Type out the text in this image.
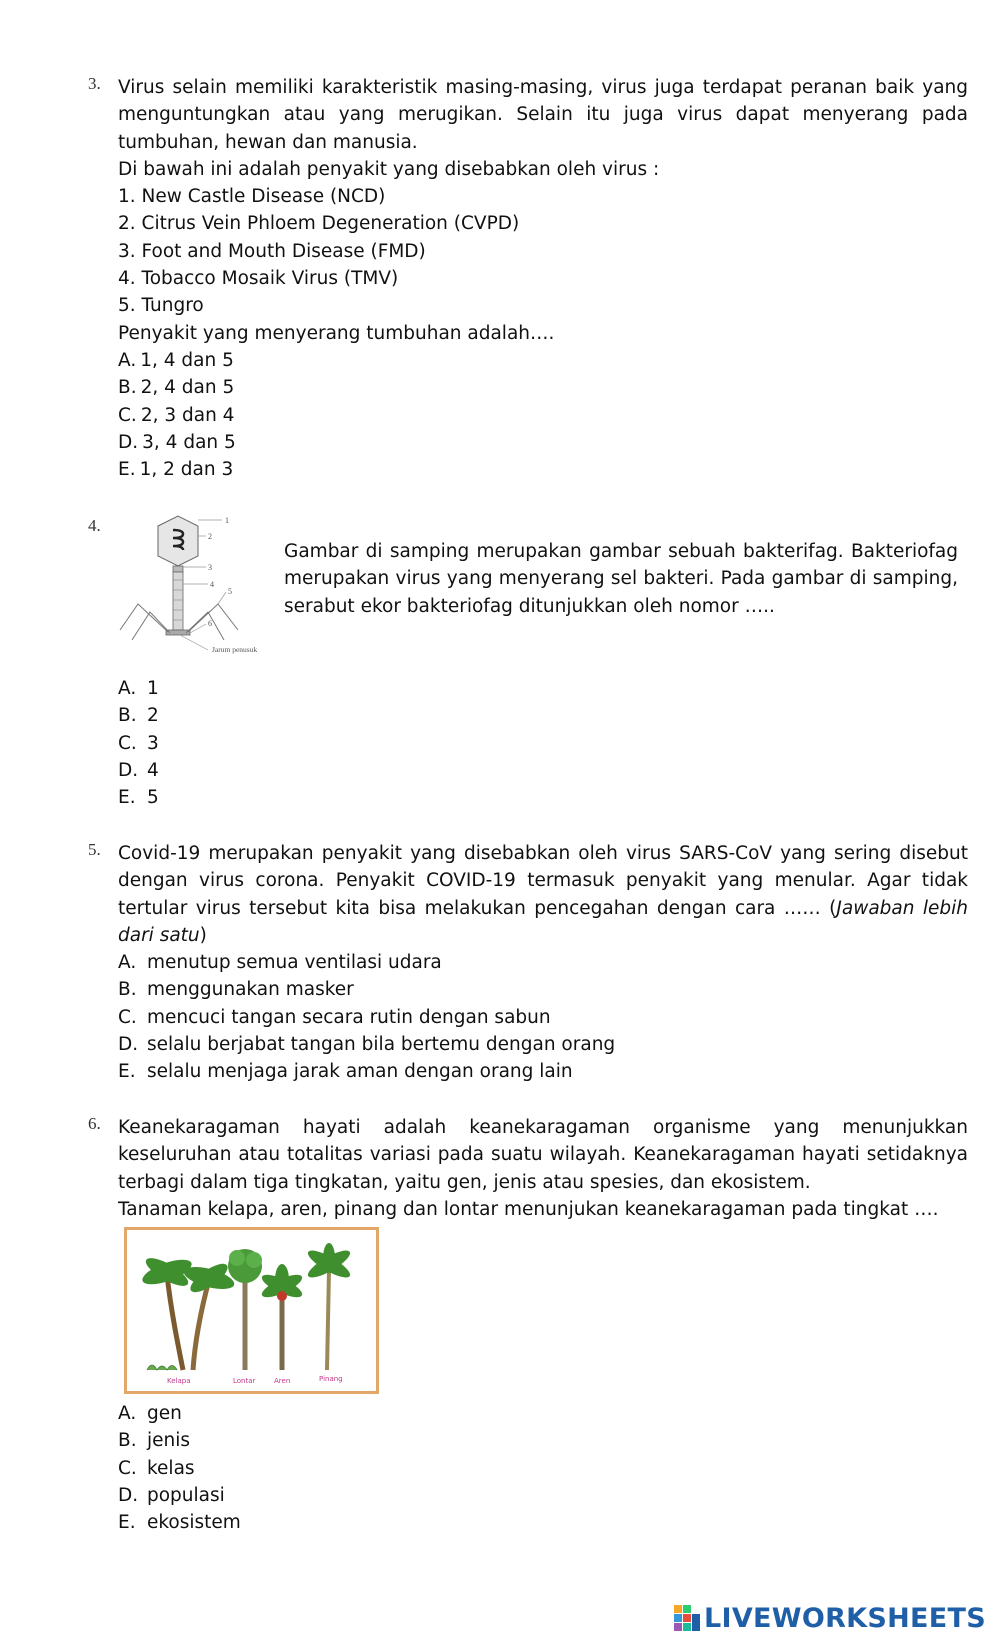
3. Virus selain memiliki karakteristik masing-masing, virus juga terdapat peranan baik yang menguntungkan atau yang merugikan. Selain itu juga virus dapat menyerang pada tumbuhan, hewan dan manusia.
Di bawah ini adalah penyakit yang disebabkan oleh virus :
1. New Castle Disease (NCD)
2. Citrus Vein Phloem Degeneration (CVPD)
3. Foot and Mouth Disease (FMD)
4. Tobacco Mosaik Virus (TMV)
5. Tungro
Penyakit yang menyerang tumbuhan adalah….
A. 1, 4 dan 5
B. 2, 4 dan 5
C. 2, 3 dan 4
D. 3, 4 dan 5
E. 1, 2 dan 3
4.	1
2
3
4
5
6
Jarum penusuk
Gambar di samping merupakan gambar sebuah bakterifag. Bakteriofag merupakan virus yang menyerang sel bakteri. Pada gambar di samping, serabut ekor bakteriofag ditunjukkan oleh nomor …..
A. 1
B. 2
C. 3
D. 4
E. 5
5. Covid-19 merupakan penyakit yang disebabkan oleh virus SARS-CoV yang sering disebut dengan virus corona. Penyakit COVID-19 termasuk penyakit yang menular. Agar tidak tertular virus tersebut kita bisa melakukan pencegahan dengan cara …… (Jawaban lebih dari satu)
A. menutup semua ventilasi udara
B. menggunakan masker
C. mencuci tangan secara rutin dengan sabun
D. selalu berjabat tangan bila bertemu dengan orang
E. selalu menjaga jarak aman dengan orang lain
6. Keanekaragaman hayati adalah keanekaragaman organisme yang menunjukkan keseluruhan atau totalitas variasi pada suatu wilayah. Keanekaragaman hayati setidaknya terbagi dalam tiga tingkatan, yaitu gen, jenis atau spesies, dan ekosistem.
Tanaman kelapa, aren, pinang dan lontar menunjukan keanekaragaman pada tingkat ….
Kelapa	Lontar	Aren	Pinang
A. gen
B. jenis
C. kelas
D. populasi
E. ekosistem
LIVEWORKSHEETS
